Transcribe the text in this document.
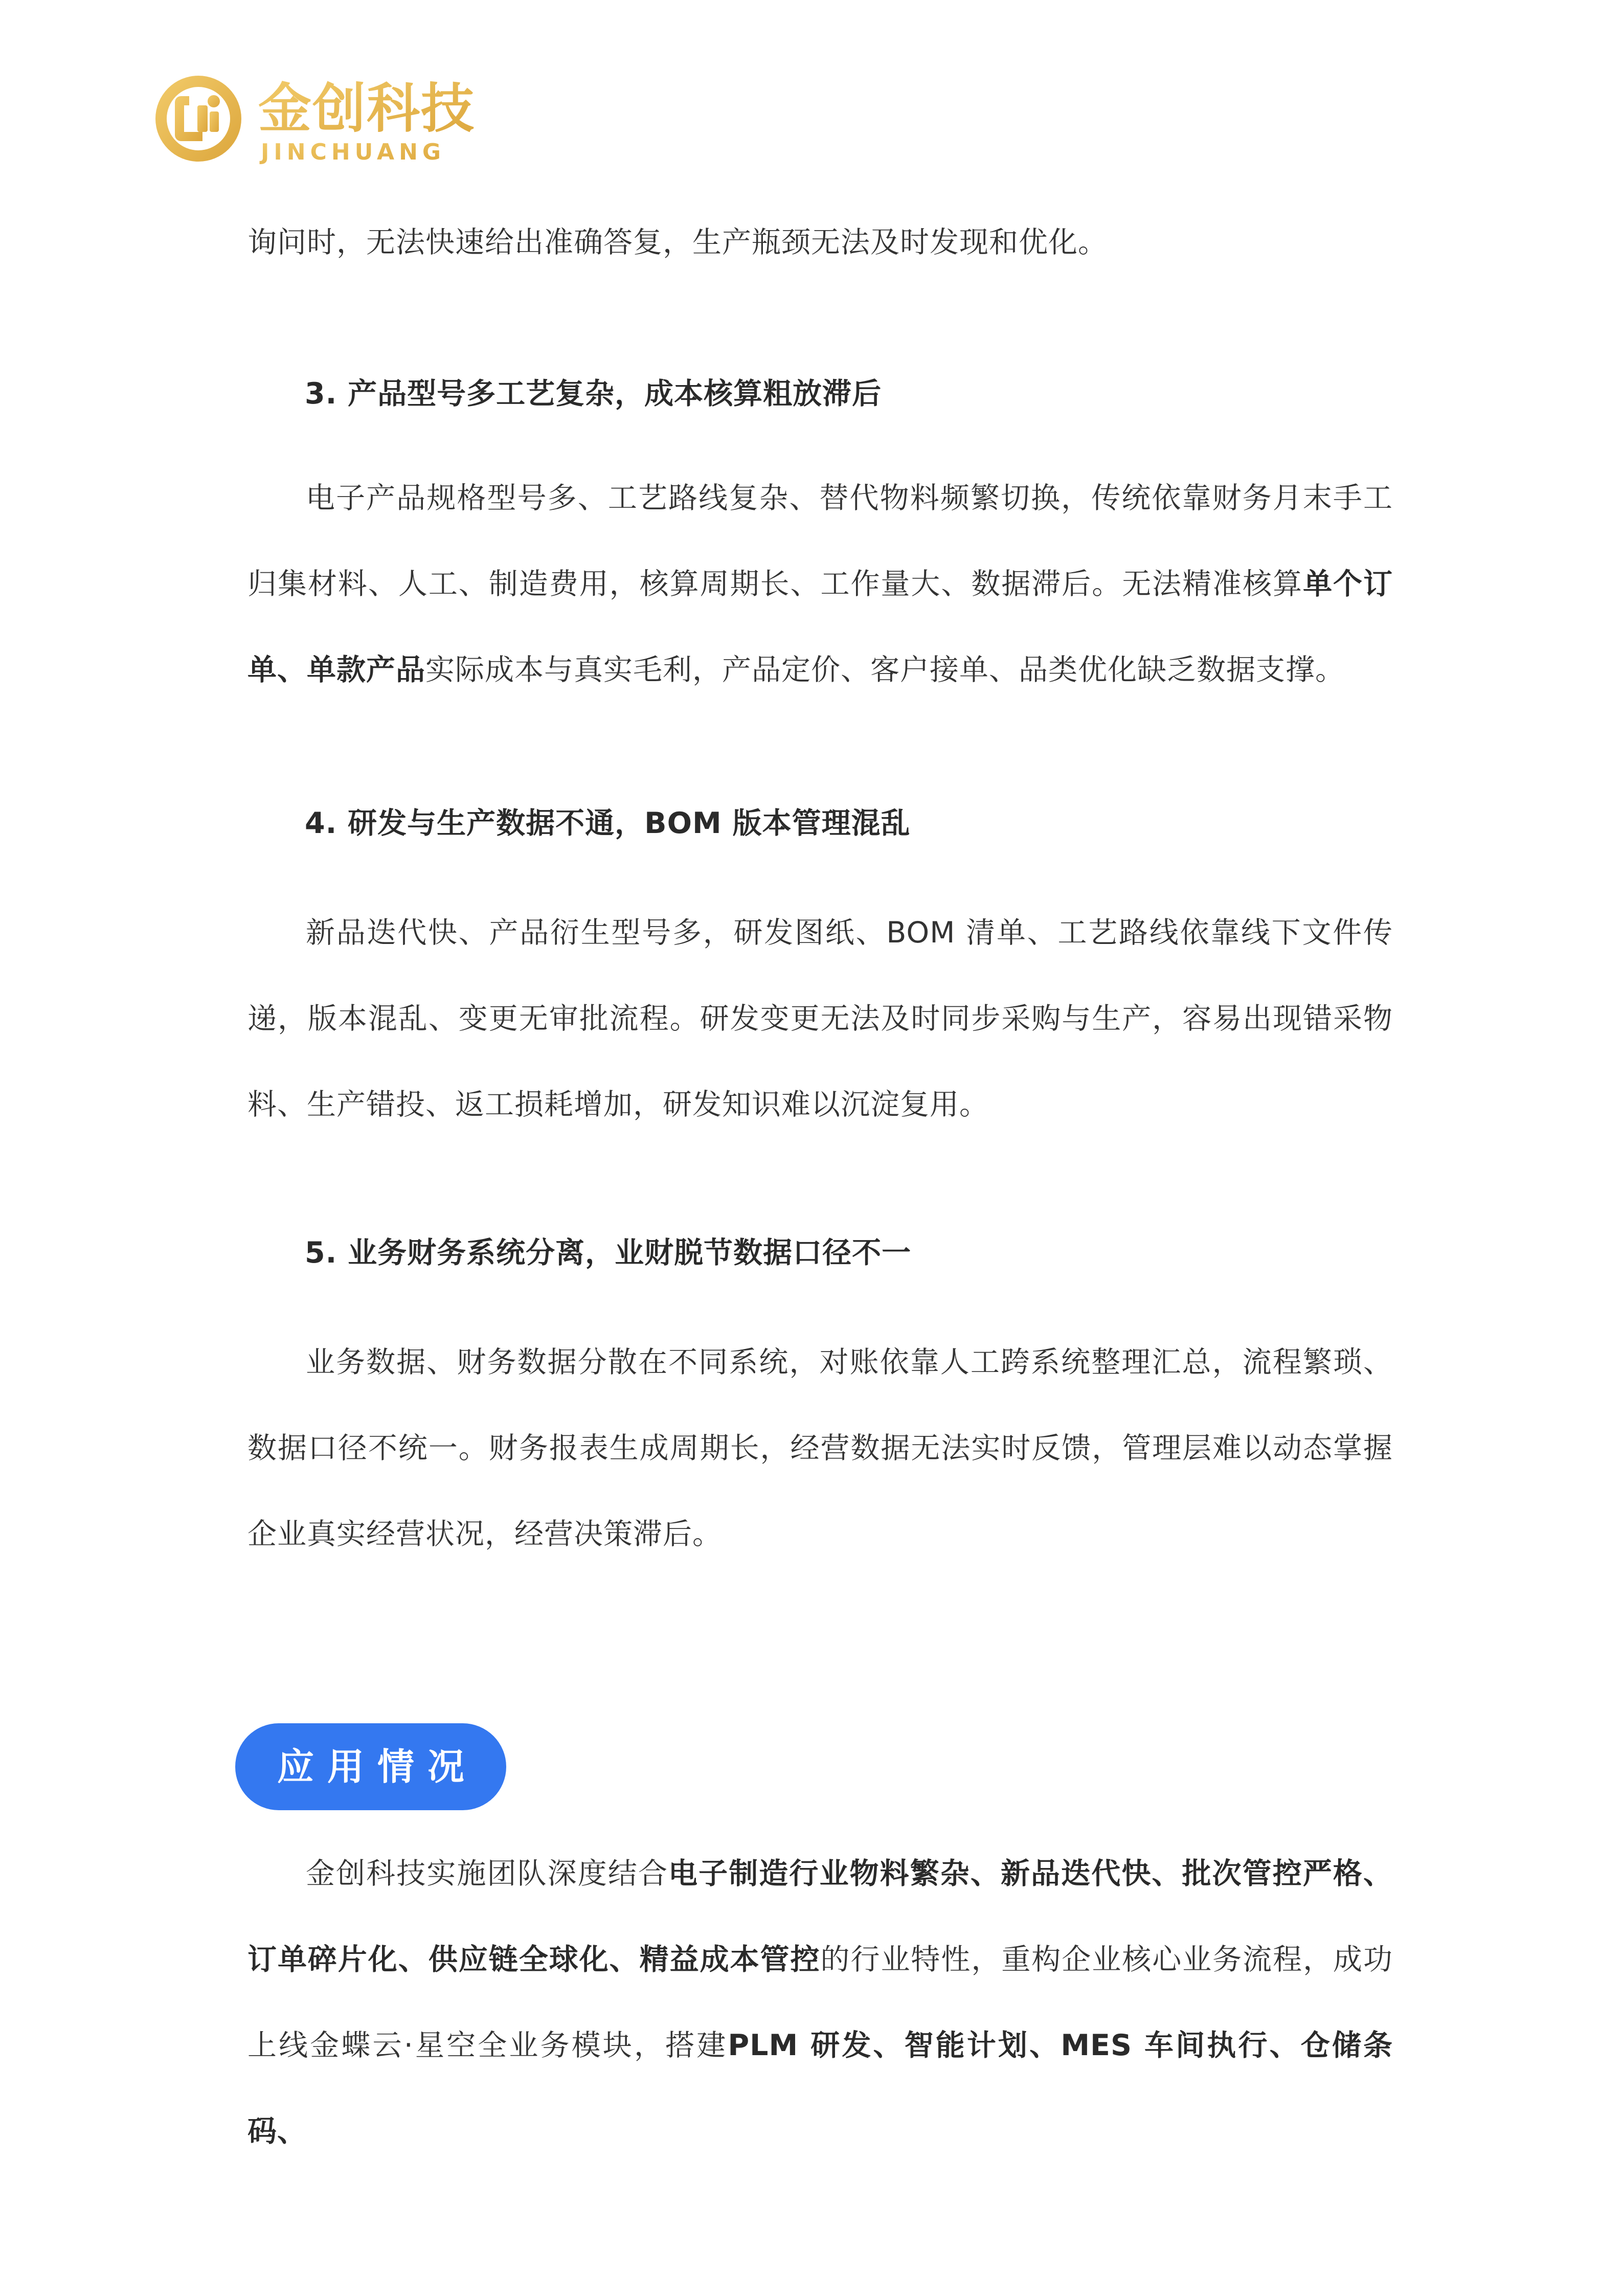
金创科技
JINCHUANG

询问时，无法快速给出准确答复，生产瓶颈无法及时发现和优化。

3. 产品型号多工艺复杂，成本核算粗放滞后

电子产品规格型号多、工艺路线复杂、替代物料频繁切换，传统依靠财务月末手工归集材料、人工、制造费用，核算周期长、工作量大、数据滞后。无法精准核算单个订单、单款产品实际成本与真实毛利，产品定价、客户接单、品类优化缺乏数据支撑。

4. 研发与生产数据不通，BOM 版本管理混乱

新品迭代快、产品衍生型号多，研发图纸、BOM 清单、工艺路线依靠线下文件传递，版本混乱、变更无审批流程。研发变更无法及时同步采购与生产，容易出现错采物料、生产错投、返工损耗增加，研发知识难以沉淀复用。

5. 业务财务系统分离，业财脱节数据口径不一

业务数据、财务数据分散在不同系统，对账依靠人工跨系统整理汇总，流程繁琐、数据口径不统一。财务报表生成周期长，经营数据无法实时反馈，管理层难以动态掌握企业真实经营状况，经营决策滞后。

金创科技实施团队深度结合电子制造行业物料繁杂、新品迭代快、批次管控严格、订单碎片化、供应链全球化、精益成本管控的行业特性，重构企业核心业务流程，成功上线金蝶云·星空全业务模块，搭建PLM 研发、智能计划、MES 车间执行、仓储条码、

应用情况
